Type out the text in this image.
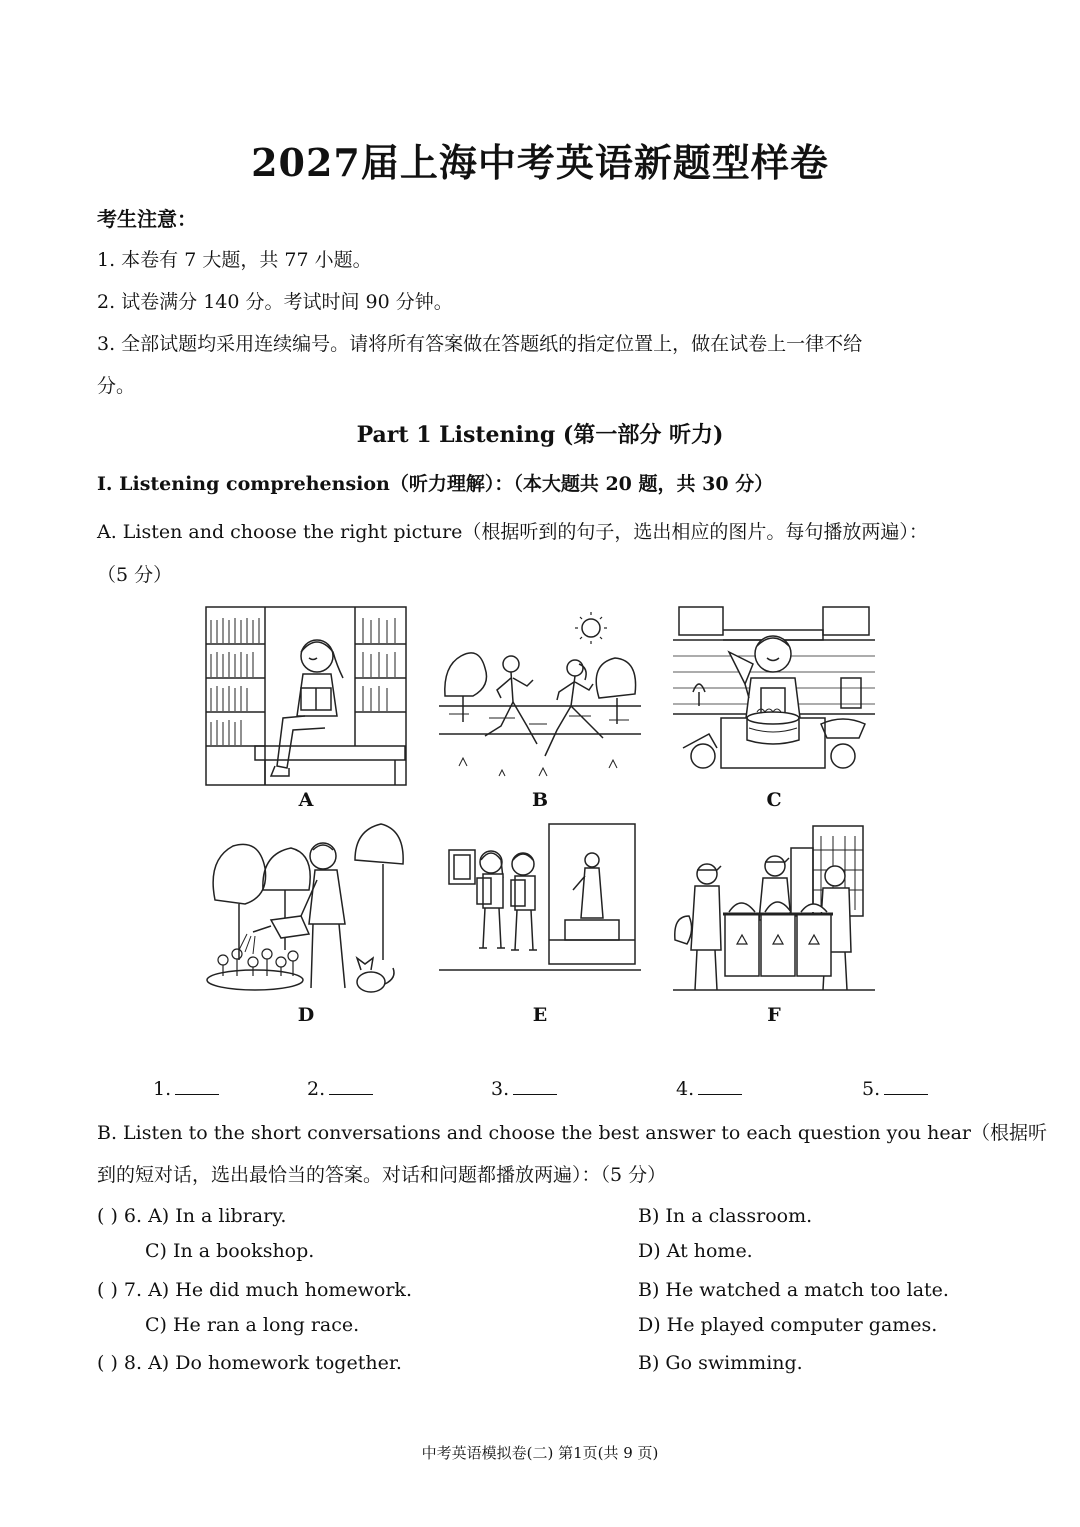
2027届上海中考英语新题型样卷
考生注意：
1. 本卷有 7 大题，共 77 小题。
2. 试卷满分 140 分。考试时间 90 分钟。
3. 全部试题均采用连续编号。请将所有答案做在答题纸的指定位置上，做在试卷上一律不给
分。
Part 1 Listening (第一部分 听力)
I. Listening comprehension（听力理解）：（本大题共 20 题，共 30 分）
A. Listen and choose the right picture（根据听到的句子，选出相应的图片。每句播放两遍）：
（5 分）
A	B	C
D	E	F
1.	2.	3.	4.	5.
B. Listen to the short conversations and choose the best answer to each question you hear（根据听
到的短对话，选出最恰当的答案。对话和问题都播放两遍）：（5 分）
( ) 6. A) In a library.	B) In a classroom.
C) In a bookshop.	D) At home.
( ) 7. A) He did much homework.	B) He watched a match too late.
C) He ran a long race.	D) He played computer games.
( ) 8. A) Do homework together.	B) Go swimming.
中考英语模拟卷(二) 第1页(共 9 页)
